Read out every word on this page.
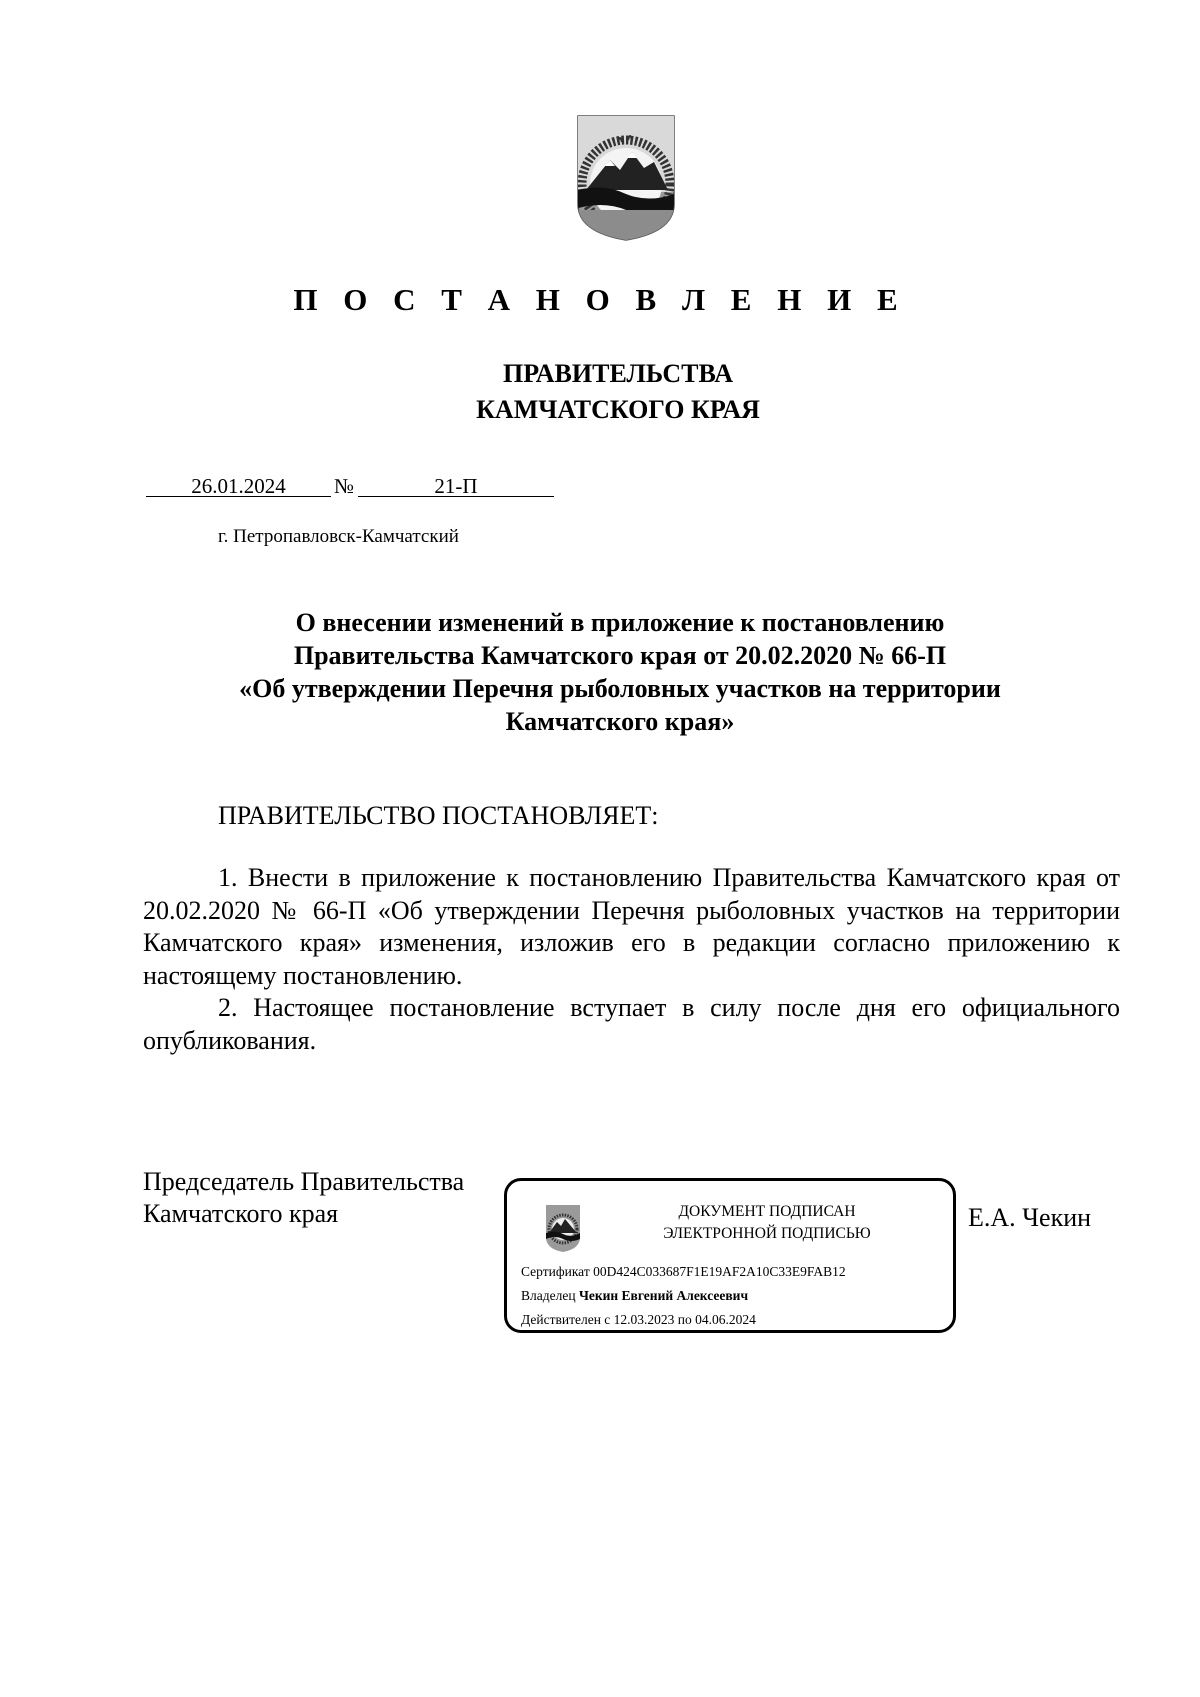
П О С Т А Н О В Л Е Н И Е
ПРАВИТЕЛЬСТВА
КАМЧАТСКОГО КРАЯ
26.01.2024	№	21-П
г. Петропавловск-Камчатский
О внесении изменений в приложение к постановлению
Правительства Камчатского края от 20.02.2020 № 66-П
«Об утверждении Перечня рыболовных участков на территории
Камчатского края»
ПРАВИТЕЛЬСТВО ПОСТАНОВЛЯЕТ:

1. Внести в приложение к постановлению Правительства Камчатского края от 20.02.2020 № 66-П «Об утверждении Перечня рыболовных участков на территории Камчатского края» изменения, изложив его в редакции согласно приложению к настоящему постановлению.

2. Настоящее постановление вступает в силу после дня его официального опубликования.

Председатель Правительства
Камчатского края	ДОКУМЕНТ ПОДПИСАН
ЭЛЕКТРОННОЙ ПОДПИСЬЮ
Сертификат 00D424C033687F1E19AF2A10C33E9FAB12
Владелец Чекин Евгений Алексеевич
Действителен с 12.03.2023 по 04.06.2024
Е.А. Чекин
